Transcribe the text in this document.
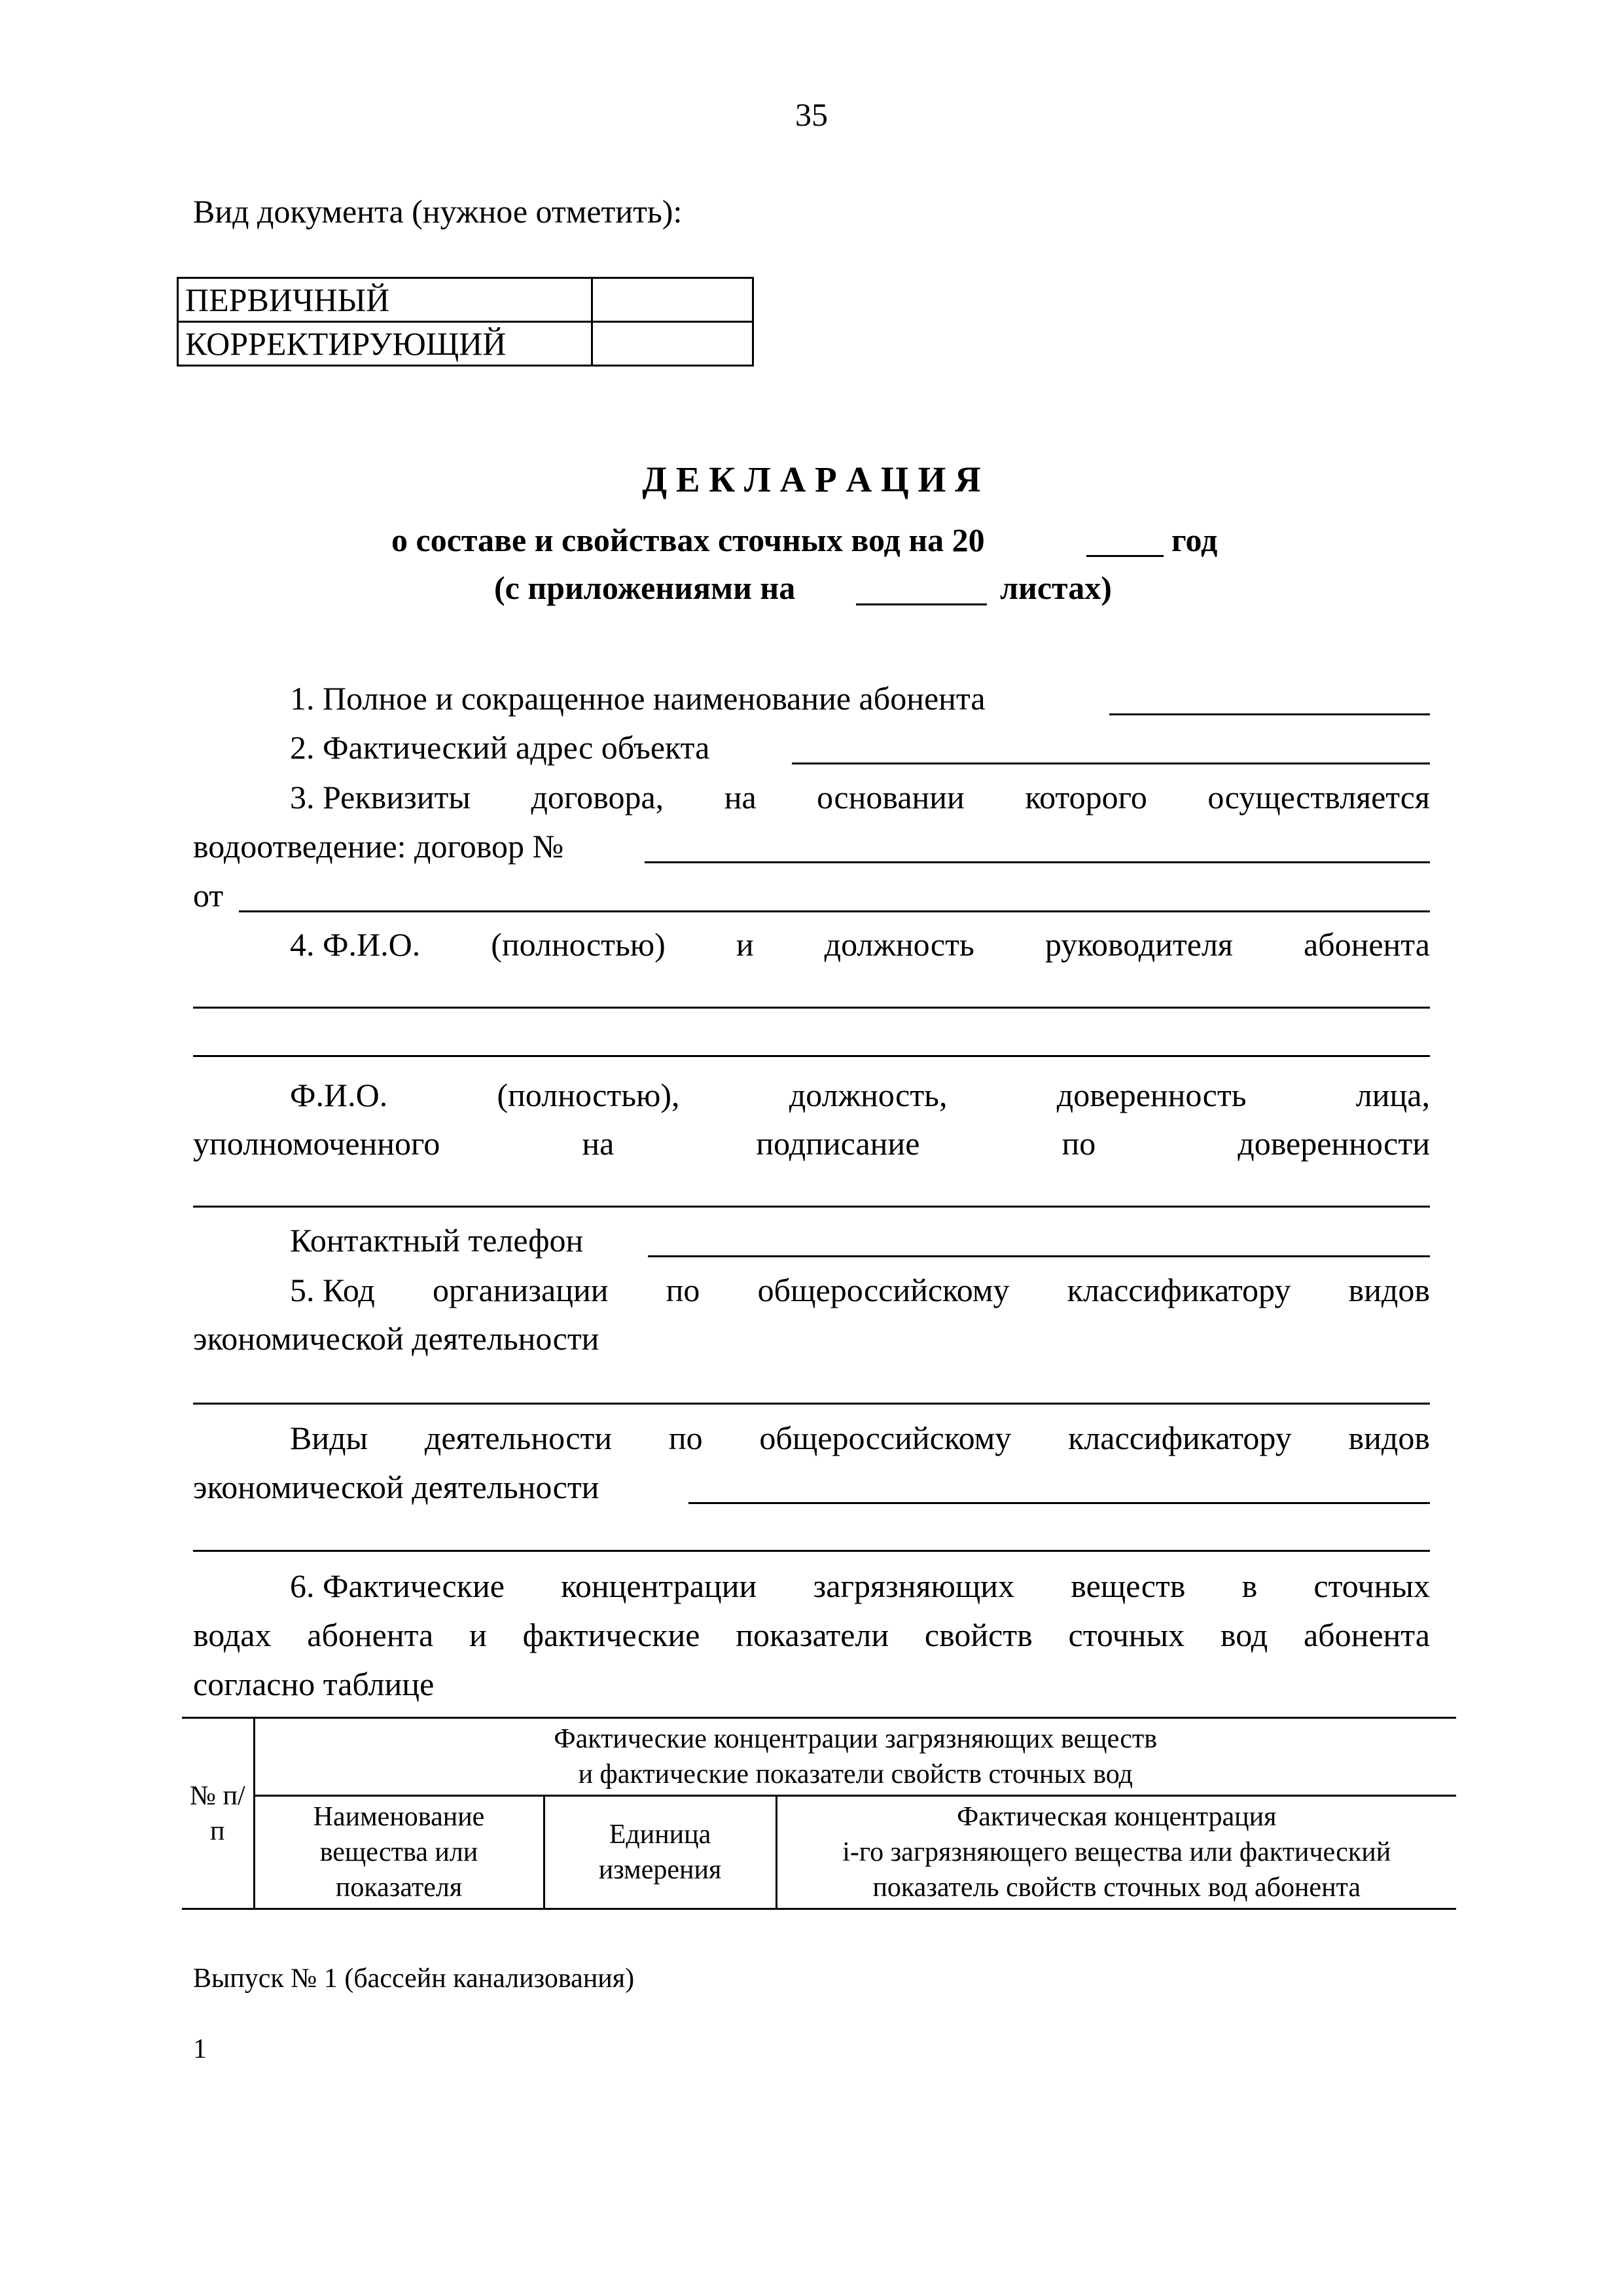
35
Вид документа (нужное отметить):
ПЕРВИЧНЫЙ	
КОРРЕКТИРУЮЩИЙ	
Д Е К Л А Р А Ц И Я
о составе и свойствах сточных вод на 20	год
(с приложениями на	листах)
1. Полное и сокращенное наименование абонента
2. Фактический адрес объекта
3. Реквизиты договора, на основании которого осуществляется
водоотведение: договор №
от
4. Ф.И.О. (полностью) и должность руководителя абонента
Ф.И.О.	(полностью),	должность,	доверенность	лица,
уполномоченного	на	подписание	по	доверенности
Контактный телефон
5. Код организации по общероссийскому классификатору видов
экономической деятельности
Виды деятельности по общероссийскому классификатору видов
экономической деятельности
6. Фактические концентрации загрязняющих веществ в сточных
водах абонента и фактические показатели свойств сточных вод абонента
согласно таблице
№ п/п	Фактические концентрации загрязняющих веществ
и фактические показатели свойств сточных вод		

	Наименование вещества или показателя	Единица измерения	Фактическая концентрация
i-го загрязняющего вещества или фактический
показатель свойств сточных вод абонента
Выпуск № 1 (бассейн канализования)
1
